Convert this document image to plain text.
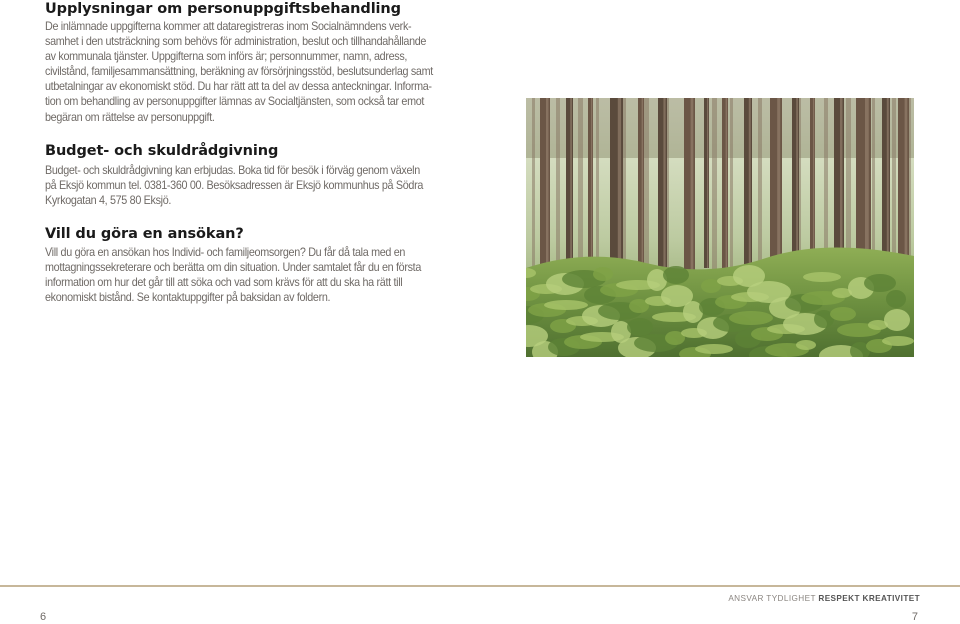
Upplysningar om personuppgiftsbehandling
De inlämnade uppgifterna kommer att dataregistreras inom Socialnämndens verk-
samhet i den utsträckning som behövs för administration, beslut och tillhandahållande
av kommunala tjänster. Uppgifterna som införs är; personnummer, namn, adress,
civilstånd, familjesammansättning, beräkning av försörjningsstöd, beslutsunderlag samt
utbetalningar av ekonomiskt stöd. Du har rätt att ta del av dessa anteckningar. Informa-
tion om behandling av personuppgifter lämnas av Socialtjänsten, som också tar emot
begäran om rättelse av personuppgift.
Budget- och skuldrådgivning
Budget- och skuldrådgivning kan erbjudas. Boka tid för besök i förväg genom växeln
på Eksjö kommun tel. 0381-360 00. Besöksadressen är Eksjö kommunhus på Södra
Kyrkogatan 4, 575 80 Eksjö.
Vill du göra en ansökan?
Vill du göra en ansökan hos Individ- och familjeomsorgen? Du får då tala med en
mottagningssekreterare och berätta om din situation. Under samtalet får du en första
information om hur det går till att söka och vad som krävs för att du ska ha rätt till
ekonomiskt bistånd. Se kontaktuppgifter på baksidan av foldern.
ANSVAR TYDLIGHET RESPEKT KREATIVITET
6	7
